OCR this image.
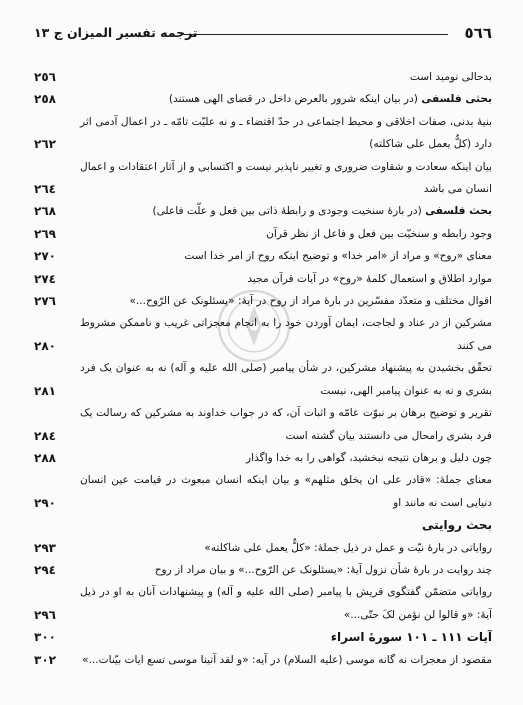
٥٦٦
ترجمه تفسیر المیزان ج ١٣
بدحالی نومید است
٢٥٦
بحثی فلسفی (در بیان اینکه شرور بالعرض داخل در قضای الهی هستند)
٢٥٨
بنیهٔ بدنی، صفات اخلاقی و محیط اجتماعی در حدّ اقتضاء ـ و نه علیّت تامّه ـ در اعمال آدمی اثر دارد (کلٌّ یعمل علی شاکلته)
٢٦٢
بیان اینکه سعادت و شقاوت ضروری و تغییر ناپذیر نیست و اکتسابی و از آثار اعتقادات و اعمال انسان می باشد
٢٦٤
بحث فلسفی (در بارهٔ سنخیت وجودی و رابطهٔ ذاتی بین فعل و علّت فاعلی)
٢٦٨
وجود رابطه و سنخیّت بین فعل و فاعل از نظر قرآن
٢٦٩
معنای «روح» و مراد از «امر خدا» و توضیح اینکه روح از امر خدا است
٢٧٠
موارد اطلاق و استعمال کلمهٔ «روح» در آیات قرآن مجید
٢٧٤
اقوال مختلف و متعدّد مفسّرین در بارهٔ مراد از روح در آیهٔ: «یسئلونک عن الرّوح...»
٢٧٦
مشرکین از در عناد و لجاجت، ایمان آوردن خود را به انجام معجزاتی غریب و ناممکن مشروط می کنند
٢٨٠
تحقّق بخشیدن به پیشنهاد مشرکین، در شأن پیامبر (صلی الله علیه و آله) نه به عنوان یک فرد بشری و نه به عنوان پیامبر الهی، نیست
٢٨١
تقریر و توضیح برهان بر نبوّت عامّه و اثبات آن، که در جواب خداوند به مشرکین که رسالت یک فرد بشری رامحال می دانستند بیان گشته است
٢٨٤
چون دلیل و برهان نتیجه نبخشید، گواهی را به خدا واگذار
٢٨٨
معنای جملهٔ: «قادر علی ان یخلق مثلهم» و بیان اینکه انسان مبعوث در قیامت عین انسان دنیایی است نه مانند او
٢٩٠
بحث روایتی
روایاتی در بارهٔ نیّت و عمل در ذیل جملهٔ: «کلٌّ یعمل علی شاکلته»
٢٩٣
چند روایت در بارهٔ شأن نزول آیهٔ: «یسئلونک عن الرّوح...» و بیان مراد از روح
٢٩٤
روایاتی متضمّن گفتگوی قریش با پیامبر (صلی الله علیه و آله) و پیشنهادات آنان به او در ذیل آیهٔ: «و قالوا لن نؤمن لکَ حتّی...»
٢٩٦
آیات ١١١ ـ ١٠١ سورهٔ اسراء
٣٠٠
مقصود از معجزات نه گانه موسی (علیه السلام) در آیه: «و لقد آتینا موسی تسع ایات بیّنات...»
٣٠٢
